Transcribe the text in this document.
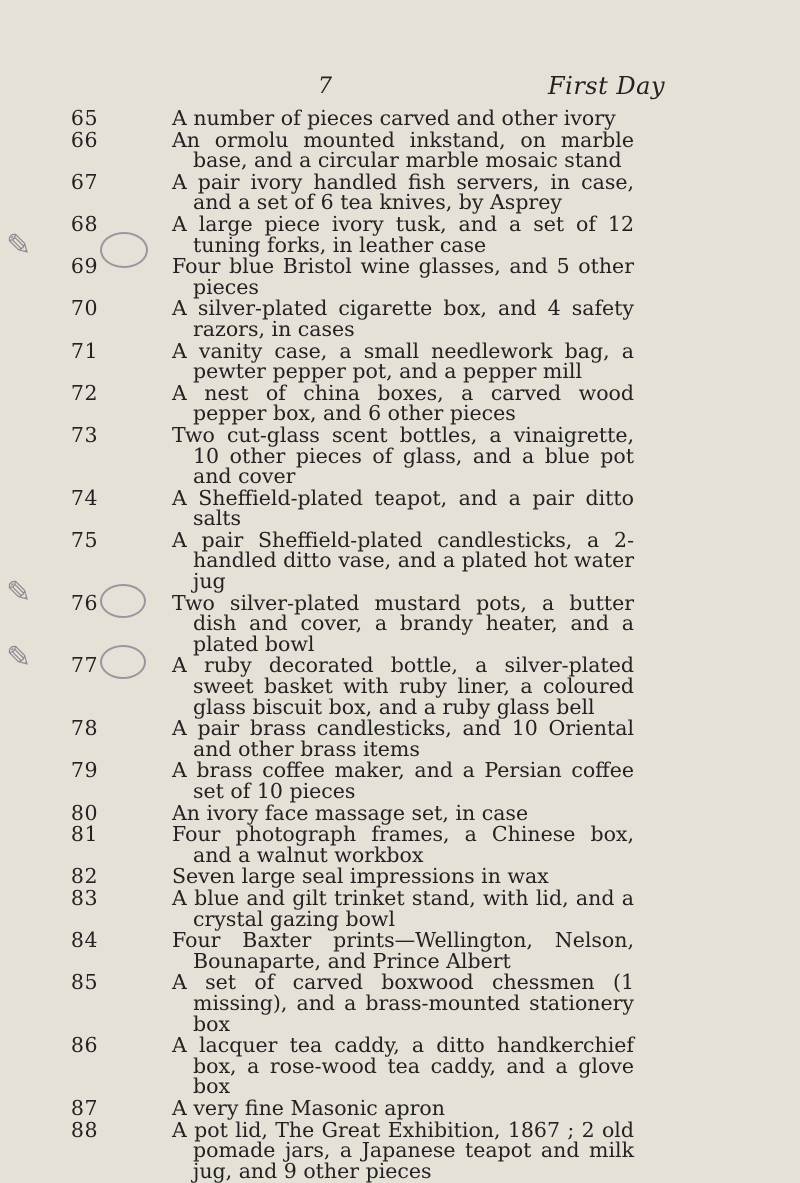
7	First Day
✎
✎
✎
65	A number of pieces carved and other ivory
66	An ormolu mounted inkstand, on marble base, and a circular marble mosaic stand
67	A pair ivory handled fish servers, in case, and a set of 6 tea knives, by Asprey
68	A large piece ivory tusk, and a set of 12 tuning forks, in leather case
69	Four blue Bristol wine glasses, and 5 other pieces
70	A silver-plated cigarette box, and 4 safety razors, in cases
71	A vanity case, a small needlework bag, a pewter pepper pot, and a pepper mill
72	A nest of china boxes, a carved wood pepper box, and 6 other pieces
73	Two cut-glass scent bottles, a vinaigrette, 10 other pieces of glass, and a blue pot and cover
74	A Sheffield-plated teapot, and a pair ditto salts
75	A pair Sheffield-plated candlesticks, a 2-handled ditto vase, and a plated hot water jug
76	Two silver-plated mustard pots, a butter dish and cover, a brandy heater, and a plated bowl
77	A ruby decorated bottle, a silver-plated sweet basket with ruby liner, a coloured glass biscuit box, and a ruby glass bell
78	A pair brass candlesticks, and 10 Oriental and other brass items
79	A brass coffee maker, and a Persian coffee set of 10 pieces
80	An ivory face massage set, in case
81	Four photograph frames, a Chinese box, and a walnut workbox
82	Seven large seal impressions in wax
83	A blue and gilt trinket stand, with lid, and a crystal gazing bowl
84	Four Baxter prints—Wellington, Nelson, Bounaparte, and Prince Albert
85	A set of carved boxwood chessmen (1 missing), and a brass-mounted stationery box
86	A lacquer tea caddy, a ditto handkerchief box, a rose-wood tea caddy, and a glove box
87	A very fine Masonic apron
88	A pot lid, The Great Exhibition, 1867 ; 2 old pomade jars, a Japanese teapot and milk jug, and 9 other pieces
